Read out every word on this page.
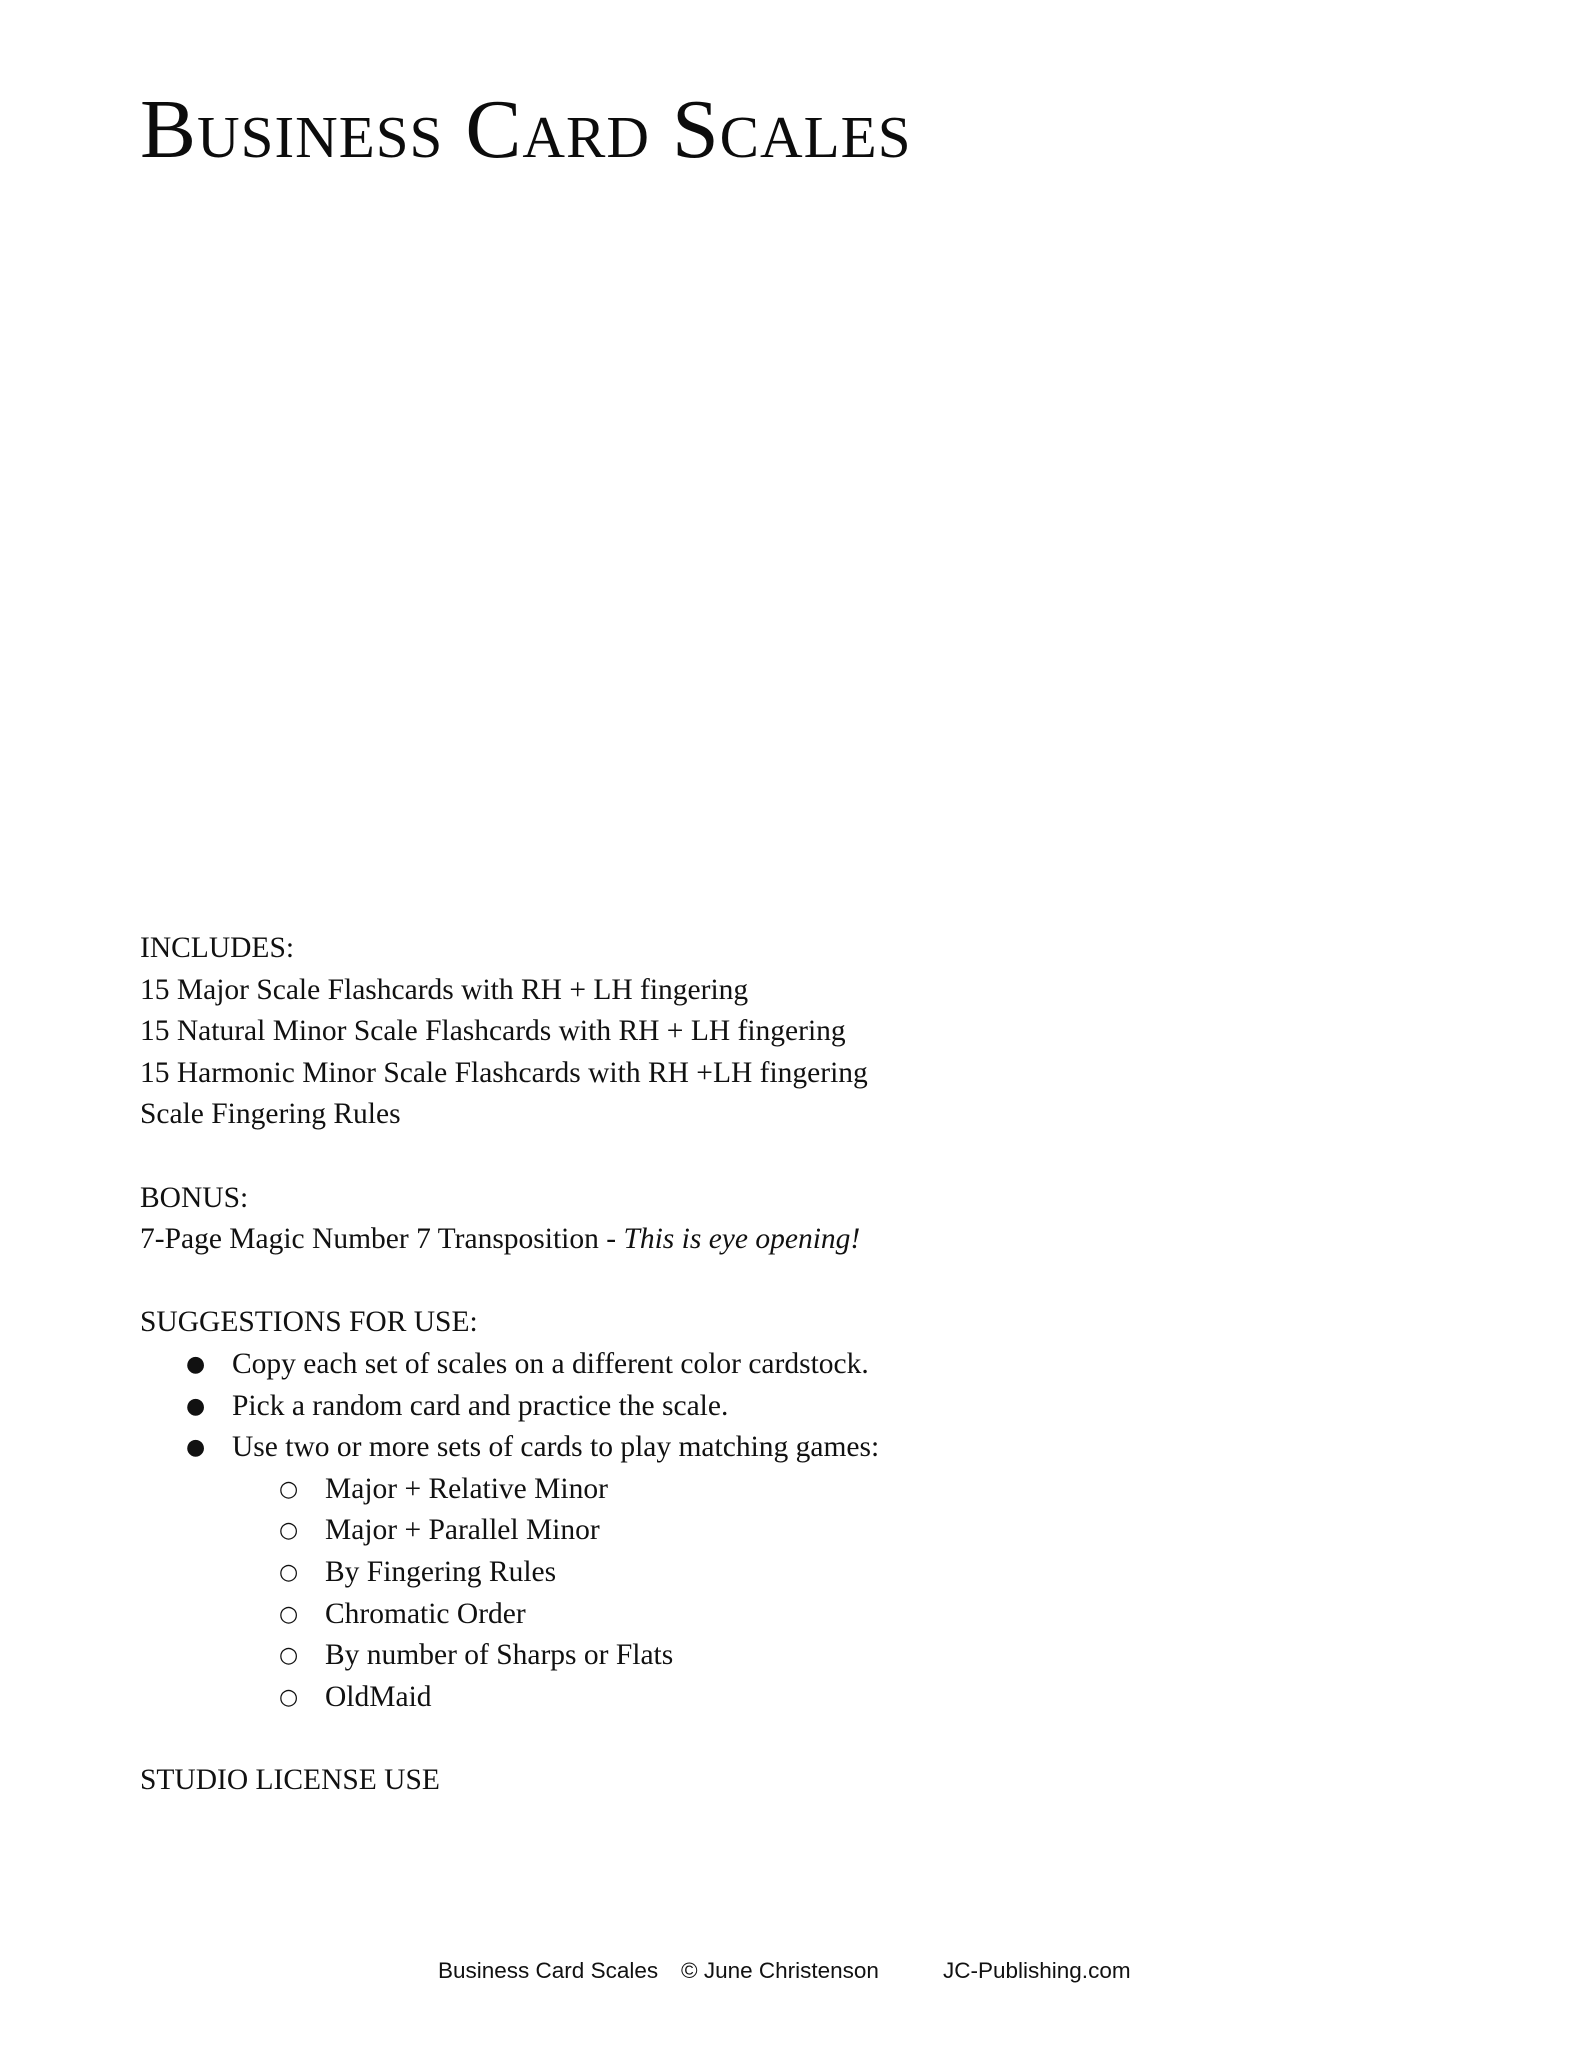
Business Card Scales
INCLUDES:
15 Major Scale Flashcards with RH + LH fingering
15 Natural Minor Scale Flashcards with RH + LH fingering
15 Harmonic Minor Scale Flashcards with RH +LH fingering
Scale Fingering Rules
BONUS:
7-Page Magic Number 7 Transposition - This is eye opening!
SUGGESTIONS FOR USE:
● Copy each set of scales on a different color cardstock.
● Pick a random card and practice the scale.
● Use two or more sets of cards to play matching games:
○ Major + Relative Minor
○ Major + Parallel Minor
○ By Fingering Rules
○ Chromatic Order
○ By number of Sharps or Flats
○ OldMaid
STUDIO LICENSE USE
Business Card Scales © June Christenson	JC-Publishing.com
